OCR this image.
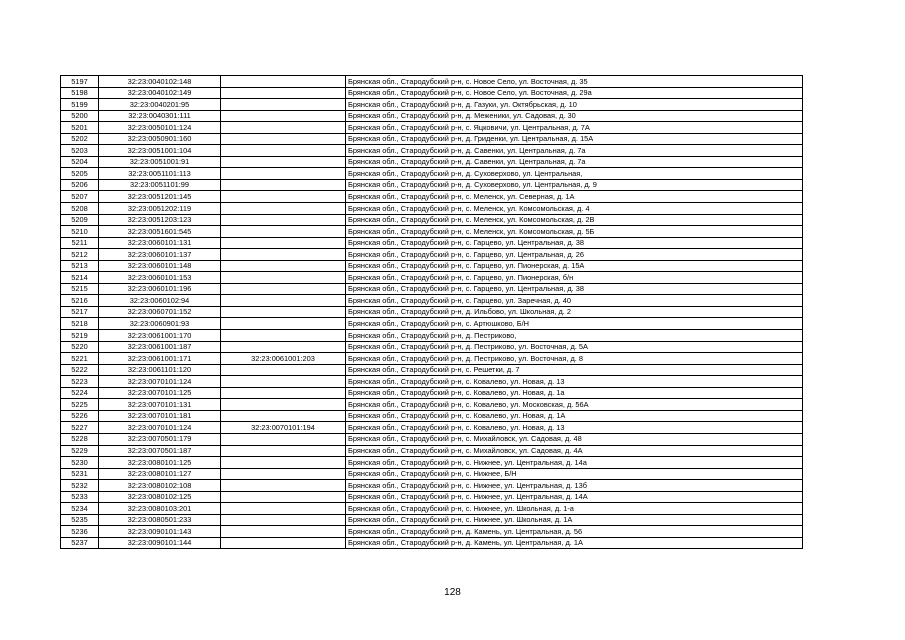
5197	32:23:0040102:148		Брянская обл., Стародубский р-н, с. Новое Село, ул. Восточная, д. 35
5198	32:23:0040102:149		Брянская обл., Стародубский р-н, с. Новое Село, ул. Восточная, д. 29а
5199	32:23:0040201:95		Брянская обл., Стародубский р-н, д. Газуки, ул. Октябрьская, д. 10
5200	32:23:0040301:111		Брянская обл., Стародубский р-н, д. Меженики, ул. Садовая, д. 30
5201	32:23:0050101:124		Брянская обл., Стародубский р-н, с. Яцковичи, ул. Центральная, д. 7А
5202	32:23:0050901:160		Брянская обл., Стародубский р-н, д. Гриденки, ул. Центральная, д. 15А
5203	32:23:0051001:104		Брянская обл., Стародубский р-н, д. Савенки, ул. Центральная, д. 7а
5204	32:23:0051001:91		Брянская обл., Стародубский р-н, д. Савенки, ул. Центральная, д. 7а
5205	32:23:0051101:113		Брянская обл., Стародубский р-н, д. Суховерхово, ул. Центральная,
5206	32:23:0051101:99		Брянская обл., Стародубский р-н, д. Суховерхово, ул. Центральная, д. 9
5207	32:23:0051201:145		Брянская обл., Стародубский р-н, с. Меленск, ул. Северная, д. 1А
5208	32:23:0051202:119		Брянская обл., Стародубский р-н, с. Меленск, ул. Комсомольская, д. 4
5209	32:23:0051203:123		Брянская обл., Стародубский р-н, с. Меленск, ул. Комсомольская, д. 2В
5210	32:23:0051601:545		Брянская обл., Стародубский р-н, с. Меленск, ул. Комсомольская, д. 5Б
5211	32:23:0060101:131		Брянская обл., Стародубский р-н, с. Гарцево, ул. Центральная, д. 38
5212	32:23:0060101:137		Брянская обл., Стародубский р-н, с. Гарцево, ул. Центральная, д. 26
5213	32:23:0060101:148		Брянская обл., Стародубский р-н, с. Гарцево, ул. Пионерская, д. 15А
5214	32:23:0060101:153		Брянская обл., Стародубский р-н, с. Гарцево, ул. Пионерская, б/н
5215	32:23:0060101:196		Брянская обл., Стародубский р-н, с. Гарцево, ул. Центральная, д. 38
5216	32:23:0060102:94		Брянская обл., Стародубский р-н, с. Гарцево, ул. Заречная, д. 40
5217	32:23:0060701:152		Брянская обл., Стародубский р-н, д. Ильбово, ул. Школьная, д. 2
5218	32:23:0060901:93		Брянская обл., Стародубский р-н, с. Артюшково, Б/Н
5219	32:23:0061001:170		Брянская обл., Стародубский р-н, д. Пестриково,
5220	32:23:0061001:187		Брянская обл., Стародубский р-н, д. Пестриково, ул. Восточная, д. 5А
5221	32:23:0061001:171	32:23:0061001:203	Брянская обл., Стародубский р-н, д. Пестриково, ул. Восточная, д. 8
5222	32:23:0061101:120		Брянская обл., Стародубский р-н, с. Решетки, д. 7
5223	32:23:0070101:124		Брянская обл., Стародубский р-н, с. Ковалево, ул. Новая, д. 13
5224	32:23:0070101:125		Брянская обл., Стародубский р-н, с. Ковалево, ул. Новая, д. 1а
5225	32:23:0070101:131		Брянская обл., Стародубский р-н, с. Ковалево, ул. Московская, д. 56А
5226	32:23:0070101:181		Брянская обл., Стародубский р-н, с. Ковалево, ул. Новая, д. 1А
5227	32:23:0070101:124	32:23:0070101:194	Брянская обл., Стародубский р-н, с. Ковалево, ул. Новая, д. 13
5228	32:23:0070501:179		Брянская обл., Стародубский р-н, с. Михайловск, ул. Садовая, д. 48
5229	32:23:0070501:187		Брянская обл., Стародубский р-н, с. Михайловск, ул. Садовая, д. 4А
5230	32:23:0080101:125		Брянская обл., Стародубский р-н, с. Нижнее, ул. Центральная, д. 14а
5231	32:23:0080101:127		Брянская обл., Стародубский р-н, с. Нижнее, Б/Н
5232	32:23:0080102:108		Брянская обл., Стародубский р-н, с. Нижнее, ул. Центральная, д. 13б
5233	32:23:0080102:125		Брянская обл., Стародубский р-н, с. Нижнее, ул. Центральная, д. 14А
5234	32:23:0080103:201		Брянская обл., Стародубский р-н, с. Нижнее, ул. Школьная, д. 1-а
5235	32:23:0080501:233		Брянская обл., Стародубский р-н, с. Нижнее, ул. Школьная, д. 1А
5236	32:23:0090101:143		Брянская обл., Стародубский р-н, д. Камень, ул. Центральная, д. 56
5237	32:23:0090101:144		Брянская обл., Стародубский р-н, д. Камень, ул. Центральная, д. 1А
128
